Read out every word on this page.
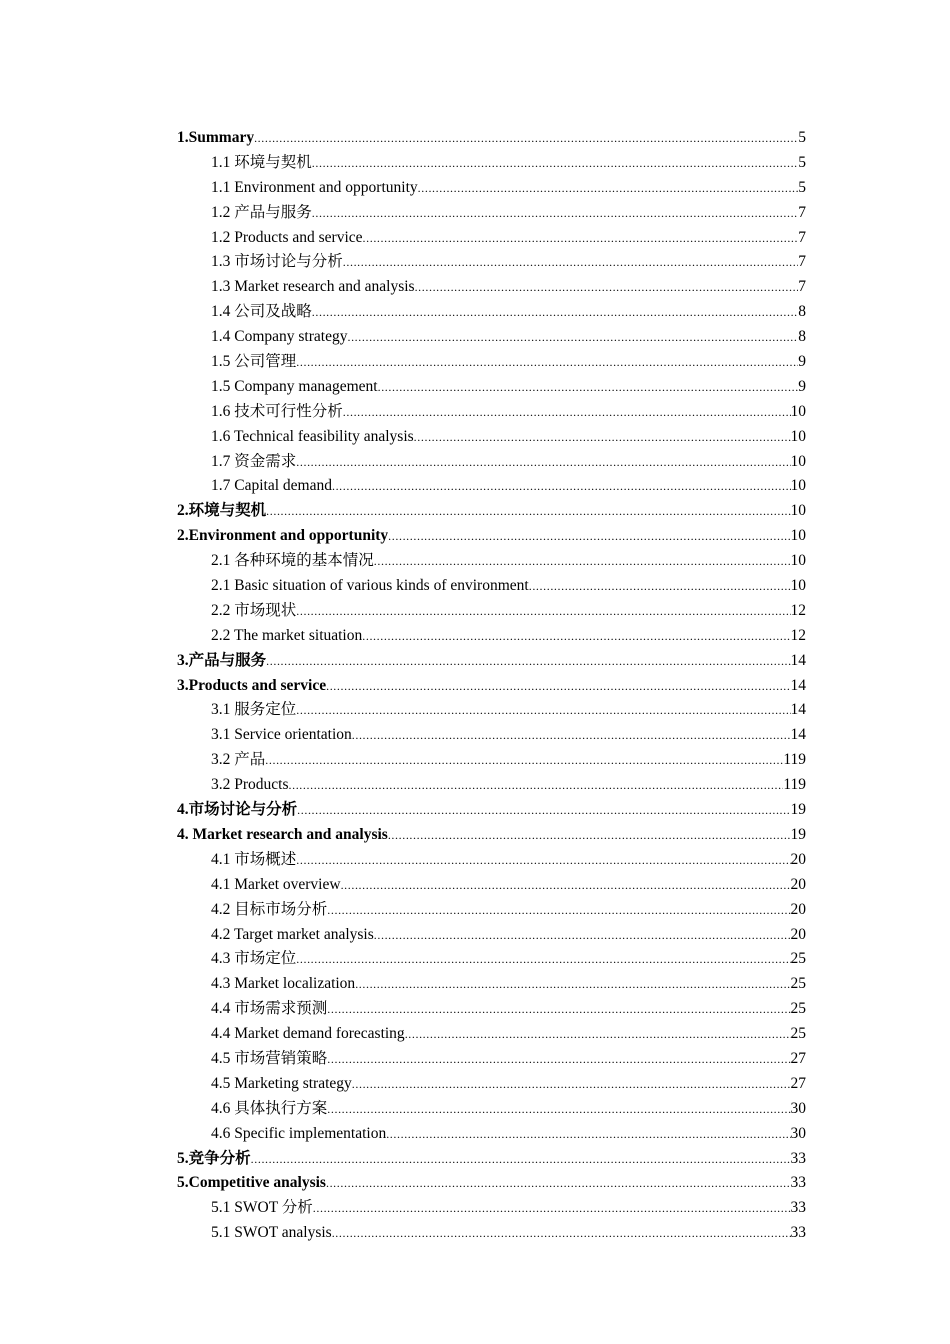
1.Summary .....	5
1.1 环境与契机 .....	5
1.1 Environment and opportunity .....	5
1.2 产品与服务 .....	7
1.2 Products and service .....	7
1.3 市场讨论与分析 .....	7
1.3 Market research and analysis .....	7
1.4 公司及战略 .....	8
1.4 Company strategy .....	8
1.5 公司管理 .....	9
1.5 Company management .....	9
1.6 技术可行性分析 .....	10
1.6 Technical feasibility analysis .....	10
1.7 资金需求 .....	10
1.7 Capital demand .....	10
2.环境与契机 .....	10
2.Environment and opportunity .....	10
2.1 各种环境的基本情况 .....	10
2.1 Basic situation of various kinds of environment .....	10
2.2 市场现状 .....	12
2.2 The market situation .....	12
3.产品与服务 .....	14
3.Products and service .....	14
3.1 服务定位 .....	14
3.1 Service orientation .....	14
3.2 产品 .....	119
3.2 Products .....	119
4.市场讨论与分析 .....	19
4. Market research and analysis .....	19
4.1 市场概述 .....	20
4.1 Market overview .....	20
4.2 目标市场分析 .....	20
4.2 Target market analysis .....	20
4.3 市场定位 .....	25
4.3 Market localization .....	25
4.4 市场需求预测 .....	25
4.4 Market demand forecasting .....	25
4.5 市场营销策略 .....	27
4.5 Marketing strategy .....	27
4.6 具体执行方案 .....	30
4.6 Specific implementation .....	30
5.竞争分析 .....	33
5.Competitive analysis .....	33
5.1 SWOT 分析 .....	33
5.1 SWOT analysis .....	33
